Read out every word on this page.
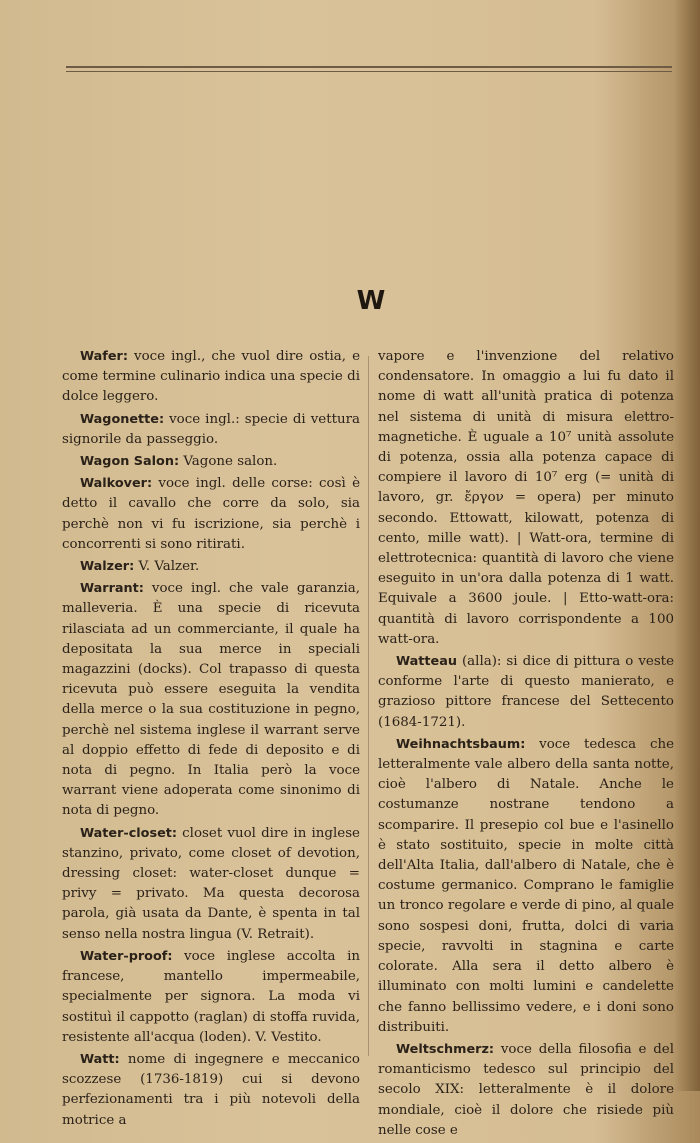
W

Wafer: voce ingl., che vuol dire ostia, e come termine culinario indica una specie di dolce leggero.

Wagonette: voce ingl.: specie di vettura signorile da passeggio.

Wagon Salon: Vagone salon.

Walkover: voce ingl. delle corse: così è detto il cavallo che corre da solo, sia perchè non vi fu iscrizione, sia perchè i concorrenti si sono ritirati.

Walzer: V. Valzer.

Warrant: voce ingl. che vale garanzia, malleveria. È una specie di ricevuta rilasciata ad un commerciante, il quale ha depositata la sua merce in speciali magazzini (docks). Col trapasso di questa ricevuta può essere eseguita la vendita della merce o la sua costituzione in pegno, perchè nel sistema inglese il warrant serve al doppio effetto di fede di deposito e di nota di pegno. In Italia però la voce warrant viene adoperata come sinonimo di nota di pegno.

Water-closet: closet vuol dire in inglese stanzino, privato, come closet of devotion, dressing closet: water-closet dunque = privy = privato. Ma questa decorosa parola, già usata da Dante, è spenta in tal senso nella nostra lingua (V. Retrait).

Water-proof: voce inglese accolta in francese, mantello impermeabile, specialmente per signora. La moda vi sostituì il cappotto (raglan) di stoffa ruvida, resistente all'acqua (loden). V. Vestito.

Watt: nome di ingegnere e meccanico scozzese (1736-1819) cui si devono perfezionamenti tra i più notevoli della motrice a

vapore e l'invenzione del relativo condensatore. In omaggio a lui fu dato il nome di watt all'unità pratica di potenza nel sistema di unità di misura elettro-magnetiche. È uguale a 10⁷ unità assolute di potenza, ossia alla potenza capace di compiere il lavoro di 10⁷ erg (= unità di lavoro, gr. ἔργον = opera) per minuto secondo. Ettowatt, kilowatt, potenza di cento, mille watt). | Watt-ora, termine di elettrotecnica: quantità di lavoro che viene eseguito in un'ora dalla potenza di 1 watt. Equivale a 3600 joule. | Etto-watt-ora: quantità di lavoro corrispondente a 100 watt-ora.

Watteau (alla): si dice di pittura o veste conforme l'arte di questo manierato, e grazioso pittore francese del Settecento (1684-1721).

Weihnachtsbaum: voce tedesca che letteralmente vale albero della santa notte, cioè l'albero di Natale. Anche le costumanze nostrane tendono a scomparire. Il presepio col bue e l'asinello è stato sostituito, specie in molte città dell'Alta Italia, dall'albero di Natale, che è costume germanico. Comprano le famiglie un tronco regolare e verde di pino, al quale sono sospesi doni, frutta, dolci di varia specie, ravvolti in stagnina e carte colorate. Alla sera il detto albero è illuminato con molti lumini e candelette che fanno bellissimo vedere, e i doni sono distribuiti.

Weltschmerz: voce della filosofia e del romanticismo tedesco sul principio del secolo XIX: letteralmente è il dolore mondiale, cioè il dolore che risiede più nelle cose e
